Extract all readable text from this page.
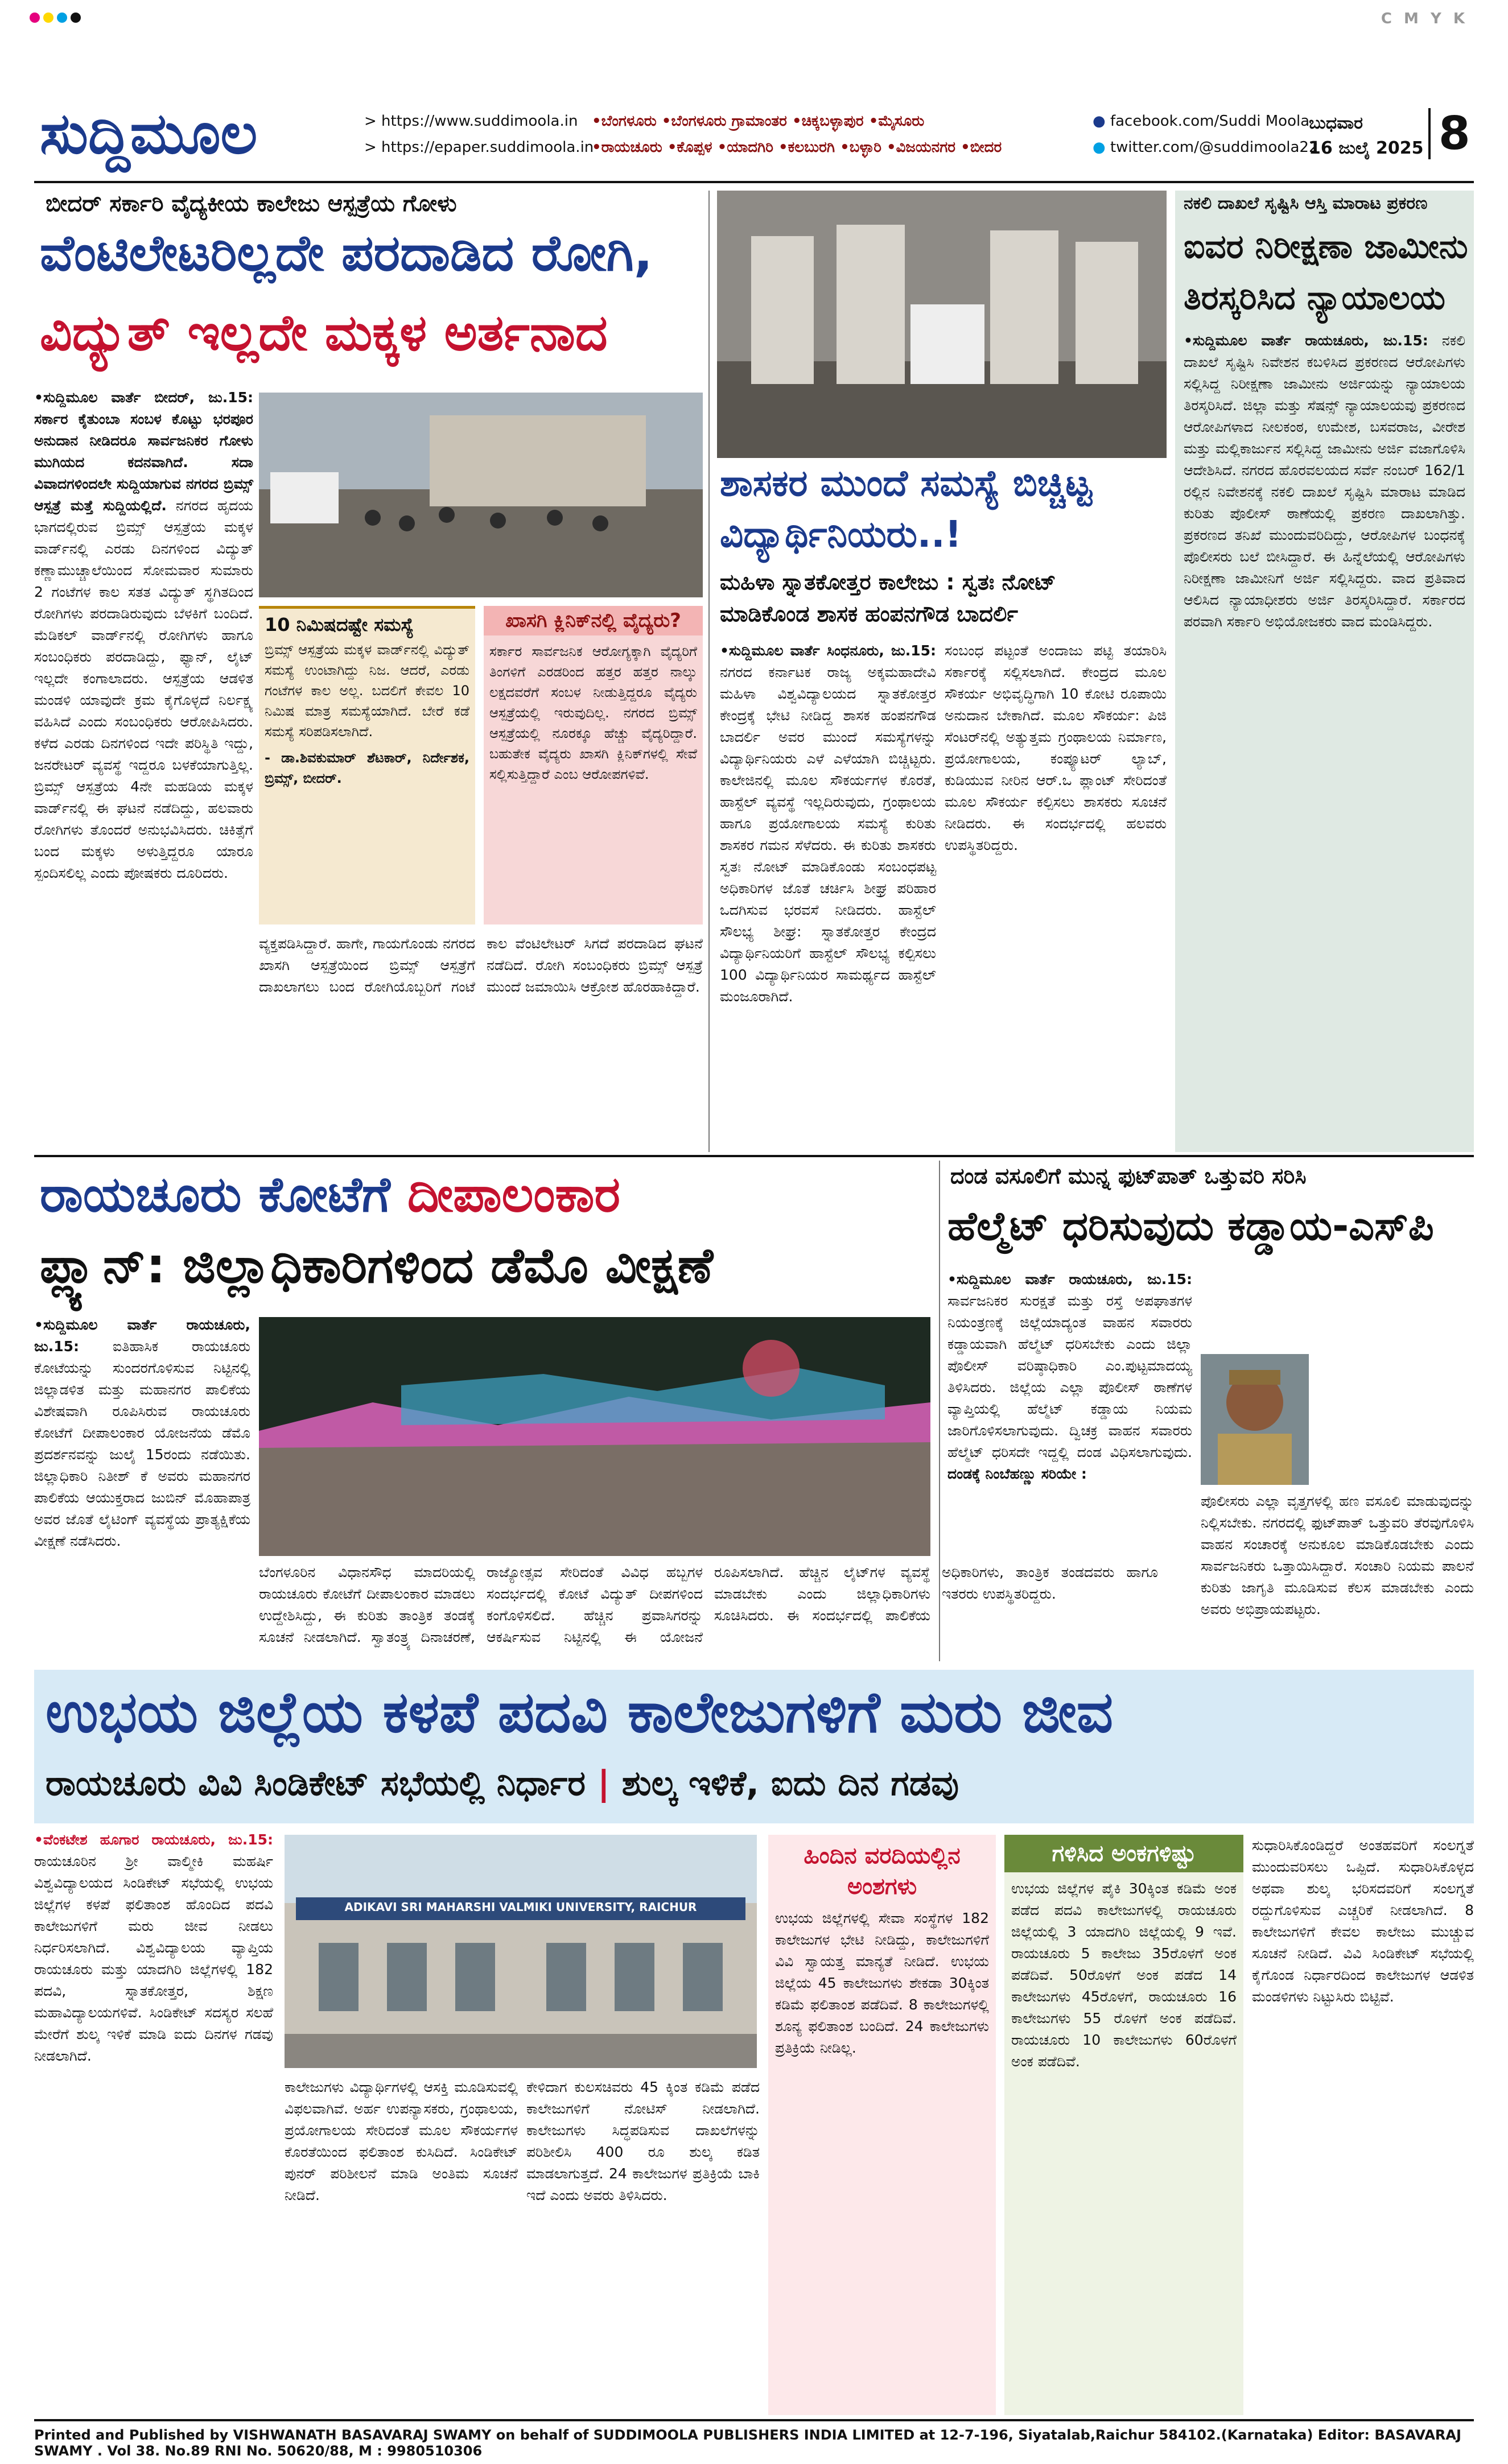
C M Y K
ಸುದ್ದಿಮೂಲ	> https://www.suddimoola.in
> https://epaper.suddimoola.in
•ಬೆಂಗಳೂರು •ಬೆಂಗಳೂರು ಗ್ರಾಮಾಂತರ •ಚಿಕ್ಕಬಳ್ಳಾಪುರ •ಮೈಸೂರು
•ರಾಯಚೂರು •ಕೊಪ್ಪಳ •ಯಾದಗಿರಿ •ಕಲಬುರಗಿ •ಬಳ್ಳಾರಿ •ವಿಜಯನಗರ •ಬೀದರ
● facebook.com/Suddi Moola
● twitter.com/@suddimoola22
ಬುಧವಾರ
16 ಜುಲೈ 2025 8
ಬೀದರ್ ಸರ್ಕಾರಿ ವೈದ್ಯಕೀಯ ಕಾಲೇಜು ಆಸ್ಪತ್ರೆಯ ಗೋಳು
ವೆಂಟಿಲೇಟರಿಲ್ಲದೇ ಪರದಾಡಿದ ರೋಗಿ,
ವಿದ್ಯುತ್ ಇಲ್ಲದೇ ಮಕ್ಕಳ ಅರ್ತನಾದ
•ಸುದ್ದಿಮೂಲ ವಾರ್ತೆ ಬೀದರ್, ಜು.15: ಸರ್ಕಾರ ಕೈತುಂಬಾ ಸಂಬಳ ಕೊಟ್ಟು ಭರಪೂರ ಅನುದಾನ ನೀಡಿದರೂ ಸಾರ್ವಜನಿಕರ ಗೋಳು ಮುಗಿಯದ ಕದನವಾಗಿದೆ. ಸದಾ ವಿವಾದಗಳಿಂದಲೇ ಸುದ್ದಿಯಾಗುವ ನಗರದ ಬ್ರಿಮ್ಸ್ ಆಸ್ಪತ್ರೆ ಮತ್ತೆ ಸುದ್ದಿಯಲ್ಲಿದೆ. ನಗರದ ಹೃದಯ ಭಾಗದಲ್ಲಿರುವ ಬ್ರಿಮ್ಸ್ ಆಸ್ಪತ್ರೆಯ ಮಕ್ಕಳ ವಾರ್ಡ್‌ನಲ್ಲಿ ಎರಡು ದಿನಗಳಿಂದ ವಿದ್ಯುತ್ ಕಣ್ಣಾಮುಚ್ಚಾಲೆಯಿಂದ ಸೋಮವಾರ ಸುಮಾರು 2 ಗಂಟೆಗಳ ಕಾಲ ಸತತ ವಿದ್ಯುತ್ ಸ್ಥಗಿತದಿಂದ ರೋಗಿಗಳು ಪರದಾಡಿರುವುದು ಬೆಳಕಿಗೆ ಬಂದಿದೆ. ಮೆಡಿಕಲ್ ವಾರ್ಡ್‌ನಲ್ಲಿ ರೋಗಿಗಳು ಹಾಗೂ ಸಂಬಂಧಿಕರು ಪರದಾಡಿದ್ದು, ಫ್ಯಾನ್, ಲೈಟ್ ಇಲ್ಲದೇ ಕಂಗಾಲಾದರು. ಆಸ್ಪತ್ರೆಯ ಆಡಳಿತ ಮಂಡಳಿ ಯಾವುದೇ ಕ್ರಮ ಕೈಗೊಳ್ಳದೆ ನಿರ್ಲಕ್ಷ್ಯ ವಹಿಸಿದೆ ಎಂದು ಸಂಬಂಧಿಕರು ಆರೋಪಿಸಿದರು. ಕಳೆದ ಎರಡು ದಿನಗಳಿಂದ ಇದೇ ಪರಿಸ್ಥಿತಿ ಇದ್ದು, ಜನರೇಟರ್ ವ್ಯವಸ್ಥೆ ಇದ್ದರೂ ಬಳಕೆಯಾಗುತ್ತಿಲ್ಲ. ಬ್ರಿಮ್ಸ್ ಆಸ್ಪತ್ರೆಯ 4ನೇ ಮಹಡಿಯ ಮಕ್ಕಳ ವಾರ್ಡ್‌ನಲ್ಲಿ ಈ ಘಟನೆ ನಡೆದಿದ್ದು, ಹಲವಾರು ರೋಗಿಗಳು ತೊಂದರೆ ಅನುಭವಿಸಿದರು. ಚಿಕಿತ್ಸೆಗೆ ಬಂದ ಮಕ್ಕಳು ಅಳುತ್ತಿದ್ದರೂ ಯಾರೂ ಸ್ಪಂದಿಸಲಿಲ್ಲ ಎಂದು ಪೋಷಕರು ದೂರಿದರು.
10 ನಿಮಿಷದಷ್ಟೇ ಸಮಸ್ಯೆ
ಬ್ರಿಮ್ಸ್ ಆಸ್ಪತ್ರೆಯ ಮಕ್ಕಳ ವಾರ್ಡ್‌ನಲ್ಲಿ ವಿದ್ಯುತ್ ಸಮಸ್ಯೆ ಉಂಟಾಗಿದ್ದು ನಿಜ. ಆದರೆ, ಎರಡು ಗಂಟೆಗಳ ಕಾಲ ಅಲ್ಲ. ಬದಲಿಗೆ ಕೇವಲ 10 ನಿಮಿಷ ಮಾತ್ರ ಸಮಸ್ಯೆಯಾಗಿದೆ. ಬೇರೆ ಕಡೆ ಸಮಸ್ಯೆ ಸರಿಪಡಿಸಲಾಗಿದೆ.
- ಡಾ.ಶಿವಕುಮಾರ್ ಶೆಟಕಾರ್, ನಿರ್ದೇಶಕ, ಬ್ರಿಮ್ಸ್, ಬೀದರ್.
ಖಾಸಗಿ ಕ್ಲಿನಿಕ್‌ನಲ್ಲಿ ವೈದ್ಯರು?
ಸರ್ಕಾರ ಸಾರ್ವಜನಿಕ ಆರೋಗ್ಯಕ್ಕಾಗಿ ವೈದ್ಯರಿಗೆ ತಿಂಗಳಿಗೆ ಎರಡರಿಂದ ಹತ್ತರ ಹತ್ತರ ನಾಲ್ಕು ಲಕ್ಷದವರೆಗೆ ಸಂಬಳ ನೀಡುತ್ತಿದ್ದರೂ ವೈದ್ಯರು ಆಸ್ಪತ್ರೆಯಲ್ಲಿ ಇರುವುದಿಲ್ಲ. ನಗರದ ಬ್ರಿಮ್ಸ್ ಆಸ್ಪತ್ರೆಯಲ್ಲಿ ನೂರಕ್ಕೂ ಹೆಚ್ಚು ವೈದ್ಯರಿದ್ದಾರೆ. ಬಹುತೇಕ ವೈದ್ಯರು ಖಾಸಗಿ ಕ್ಲಿನಿಕ್‌ಗಳಲ್ಲಿ ಸೇವೆ ಸಲ್ಲಿಸುತ್ತಿದ್ದಾರೆ ಎಂಬ ಆರೋಪಗಳಿವೆ.
ವ್ಯಕ್ತಪಡಿಸಿದ್ದಾರೆ. ಹಾಗೇ, ಗಾಯಗೊಂಡು ನಗರದ ಖಾಸಗಿ ಆಸ್ಪತ್ರೆಯಿಂದ ಬ್ರಿಮ್ಸ್ ಆಸ್ಪತ್ರೆಗೆ ದಾಖಲಾಗಲು ಬಂದ ರೋಗಿಯೊಬ್ಬರಿಗೆ ಗಂಟೆ ಕಾಲ ವೆಂಟಿಲೇಟರ್ ಸಿಗದೆ ಪರದಾಡಿದ ಘಟನೆ ನಡೆದಿದೆ. ರೋಗಿ ಸಂಬಂಧಿಕರು ಬ್ರಿಮ್ಸ್ ಆಸ್ಪತ್ರೆ ಮುಂದೆ ಜಮಾಯಿಸಿ ಆಕ್ರೋಶ ಹೊರಹಾಕಿದ್ದಾರೆ.
ಶಾಸಕರ ಮುಂದೆ ಸಮಸ್ಯೆ ಬಿಚ್ಚಿಟ್ಟ
ವಿದ್ಯಾರ್ಥಿನಿಯರು..!
ಮಹಿಳಾ ಸ್ನಾತಕೋತ್ತರ ಕಾಲೇಜು : ಸ್ವತಃ ನೋಟ್
ಮಾಡಿಕೊಂಡ ಶಾಸಕ ಹಂಪನಗೌಡ ಬಾದರ್ಲಿ
•ಸುದ್ದಿಮೂಲ ವಾರ್ತೆ ಸಿಂಧನೂರು, ಜು.15: ನಗರದ ಕರ್ನಾಟಕ ರಾಜ್ಯ ಅಕ್ಕಮಹಾದೇವಿ ಮಹಿಳಾ ವಿಶ್ವವಿದ್ಯಾಲಯದ ಸ್ನಾತಕೋತ್ತರ ಕೇಂದ್ರಕ್ಕೆ ಭೇಟಿ ನೀಡಿದ್ದ ಶಾಸಕ ಹಂಪನಗೌಡ ಬಾದರ್ಲಿ ಅವರ ಮುಂದೆ ಸಮಸ್ಯೆಗಳನ್ನು ವಿದ್ಯಾರ್ಥಿನಿಯರು ಎಳೆ ಎಳೆಯಾಗಿ ಬಿಚ್ಚಿಟ್ಟರು. ಕಾಲೇಜಿನಲ್ಲಿ ಮೂಲ ಸೌಕರ್ಯಗಳ ಕೊರತೆ, ಹಾಸ್ಟೆಲ್ ವ್ಯವಸ್ಥೆ ಇಲ್ಲದಿರುವುದು, ಗ್ರಂಥಾಲಯ ಹಾಗೂ ಪ್ರಯೋಗಾಲಯ ಸಮಸ್ಯೆ ಕುರಿತು ಶಾಸಕರ ಗಮನ ಸೆಳೆದರು. ಈ ಕುರಿತು ಶಾಸಕರು ಸ್ವತಃ ನೋಟ್ ಮಾಡಿಕೊಂಡು ಸಂಬಂಧಪಟ್ಟ ಅಧಿಕಾರಿಗಳ ಜೊತೆ ಚರ್ಚಿಸಿ ಶೀಘ್ರ ಪರಿಹಾರ ಒದಗಿಸುವ ಭರವಸೆ ನೀಡಿದರು. ಹಾಸ್ಟೆಲ್ ಸೌಲಭ್ಯ ಶೀಘ್ರ: ಸ್ನಾತಕೋತ್ತರ ಕೇಂದ್ರದ ವಿದ್ಯಾರ್ಥಿನಿಯರಿಗೆ ಹಾಸ್ಟೆಲ್ ಸೌಲಭ್ಯ ಕಲ್ಪಿಸಲು 100 ವಿದ್ಯಾರ್ಥಿನಿಯರ ಸಾಮರ್ಥ್ಯದ ಹಾಸ್ಟೆಲ್ ಮಂಜೂರಾಗಿದೆ.
ಸಂಬಂಧ ಪಟ್ಟಂತೆ ಅಂದಾಜು ಪಟ್ಟಿ ತಯಾರಿಸಿ ಸರ್ಕಾರಕ್ಕೆ ಸಲ್ಲಿಸಲಾಗಿದೆ. ಕೇಂದ್ರದ ಮೂಲ ಸೌಕರ್ಯ ಅಭಿವೃದ್ಧಿಗಾಗಿ 10 ಕೋಟಿ ರೂಪಾಯಿ ಅನುದಾನ ಬೇಕಾಗಿದೆ. ಮೂಲ ಸೌಕರ್ಯ: ಪಿಜಿ ಸೆಂಟರ್‌ನಲ್ಲಿ ಅತ್ಯುತ್ತಮ ಗ್ರಂಥಾಲಯ ನಿರ್ಮಾಣ, ಪ್ರಯೋಗಾಲಯ, ಕಂಪ್ಯೂಟರ್ ಲ್ಯಾಬ್, ಕುಡಿಯುವ ನೀರಿನ ಆರ್.ಒ ಪ್ಲಾಂಟ್ ಸೇರಿದಂತೆ ಮೂಲ ಸೌಕರ್ಯ ಕಲ್ಪಿಸಲು ಶಾಸಕರು ಸೂಚನೆ ನೀಡಿದರು. ಈ ಸಂದರ್ಭದಲ್ಲಿ ಹಲವರು ಉಪಸ್ಥಿತರಿದ್ದರು.
ನಕಲಿ ದಾಖಲೆ ಸೃಷ್ಟಿಸಿ ಆಸ್ತಿ ಮಾರಾಟ ಪ್ರಕರಣ
ಐವರ ನಿರೀಕ್ಷಣಾ ಜಾಮೀನು
ತಿರಸ್ಕರಿಸಿದ ನ್ಯಾಯಾಲಯ
•ಸುದ್ದಿಮೂಲ ವಾರ್ತೆ ರಾಯಚೂರು, ಜು.15: ನಕಲಿ ದಾಖಲೆ ಸೃಷ್ಟಿಸಿ ನಿವೇಶನ ಕಬಳಿಸಿದ ಪ್ರಕರಣದ ಆರೋಪಿಗಳು ಸಲ್ಲಿಸಿದ್ದ ನಿರೀಕ್ಷಣಾ ಜಾಮೀನು ಅರ್ಜಿಯನ್ನು ನ್ಯಾಯಾಲಯ ತಿರಸ್ಕರಿಸಿದೆ. ಜಿಲ್ಲಾ ಮತ್ತು ಸೆಷನ್ಸ್ ನ್ಯಾಯಾಲಯವು ಪ್ರಕರಣದ ಆರೋಪಿಗಳಾದ ನೀಲಕಂಠ, ಉಮೇಶ, ಬಸವರಾಜ, ವೀರೇಶ ಮತ್ತು ಮಲ್ಲಿಕಾರ್ಜುನ ಸಲ್ಲಿಸಿದ್ದ ಜಾಮೀನು ಅರ್ಜಿ ವಜಾಗೊಳಿಸಿ ಆದೇಶಿಸಿದೆ. ನಗರದ ಹೊರವಲಯದ ಸರ್ವೆ ನಂಬರ್ 162/1 ರಲ್ಲಿನ ನಿವೇಶನಕ್ಕೆ ನಕಲಿ ದಾಖಲೆ ಸೃಷ್ಟಿಸಿ ಮಾರಾಟ ಮಾಡಿದ ಕುರಿತು ಪೊಲೀಸ್ ಠಾಣೆಯಲ್ಲಿ ಪ್ರಕರಣ ದಾಖಲಾಗಿತ್ತು. ಪ್ರಕರಣದ ತನಿಖೆ ಮುಂದುವರಿದಿದ್ದು, ಆರೋಪಿಗಳ ಬಂಧನಕ್ಕೆ ಪೊಲೀಸರು ಬಲೆ ಬೀಸಿದ್ದಾರೆ. ಈ ಹಿನ್ನೆಲೆಯಲ್ಲಿ ಆರೋಪಿಗಳು ನಿರೀಕ್ಷಣಾ ಜಾಮೀನಿಗೆ ಅರ್ಜಿ ಸಲ್ಲಿಸಿದ್ದರು. ವಾದ ಪ್ರತಿವಾದ ಆಲಿಸಿದ ನ್ಯಾಯಾಧೀಶರು ಅರ್ಜಿ ತಿರಸ್ಕರಿಸಿದ್ದಾರೆ. ಸರ್ಕಾರದ ಪರವಾಗಿ ಸರ್ಕಾರಿ ಅಭಿಯೋಜಕರು ವಾದ ಮಂಡಿಸಿದ್ದರು.
ರಾಯಚೂರು ಕೋಟೆಗೆ ದೀಪಾಲಂಕಾರ
ಪ್ಲ್ಯಾನ್: ಜಿಲ್ಲಾಧಿಕಾರಿಗಳಿಂದ ಡೆಮೊ ವೀಕ್ಷಣೆ
•ಸುದ್ದಿಮೂಲ ವಾರ್ತೆ ರಾಯಚೂರು, ಜು.15: ಐತಿಹಾಸಿಕ ರಾಯಚೂರು ಕೋಟೆಯನ್ನು ಸುಂದರಗೊಳಿಸುವ ನಿಟ್ಟಿನಲ್ಲಿ ಜಿಲ್ಲಾಡಳಿತ ಮತ್ತು ಮಹಾನಗರ ಪಾಲಿಕೆಯ ವಿಶೇಷವಾಗಿ ರೂಪಿಸಿರುವ ರಾಯಚೂರು ಕೋಟೆಗೆ ದೀಪಾಲಂಕಾರ ಯೋಜನೆಯ ಡೆಮೊ ಪ್ರದರ್ಶನವನ್ನು ಜುಲೈ 15ರಂದು ನಡೆಯಿತು. ಜಿಲ್ಲಾಧಿಕಾರಿ ನಿತೀಶ್ ಕೆ ಅವರು ಮಹಾನಗರ ಪಾಲಿಕೆಯ ಆಯುಕ್ತರಾದ ಜುಬಿನ್ ಮೊಹಾಪಾತ್ರ ಅವರ ಜೊತೆ ಲೈಟಿಂಗ್ ವ್ಯವಸ್ಥೆಯ ಪ್ರಾತ್ಯಕ್ಷಿಕೆಯ ವೀಕ್ಷಣೆ ನಡೆಸಿದರು.
ಬೆಂಗಳೂರಿನ ವಿಧಾನಸೌಧ ಮಾದರಿಯಲ್ಲಿ ರಾಯಚೂರು ಕೋಟೆಗೆ ದೀಪಾಲಂಕಾರ ಮಾಡಲು ಉದ್ದೇಶಿಸಿದ್ದು, ಈ ಕುರಿತು ತಾಂತ್ರಿಕ ತಂಡಕ್ಕೆ ಸೂಚನೆ ನೀಡಲಾಗಿದೆ. ಸ್ವಾತಂತ್ರ್ಯ ದಿನಾಚರಣೆ, ರಾಜ್ಯೋತ್ಸವ ಸೇರಿದಂತೆ ವಿವಿಧ ಹಬ್ಬಗಳ ಸಂದರ್ಭದಲ್ಲಿ ಕೋಟೆ ವಿದ್ಯುತ್ ದೀಪಗಳಿಂದ ಕಂಗೊಳಿಸಲಿದೆ. ಹೆಚ್ಚಿನ ಪ್ರವಾಸಿಗರನ್ನು ಆಕರ್ಷಿಸುವ ನಿಟ್ಟಿನಲ್ಲಿ ಈ ಯೋಜನೆ ರೂಪಿಸಲಾಗಿದೆ. ಹೆಚ್ಚಿನ ಲೈಟ್‌ಗಳ ವ್ಯವಸ್ಥೆ ಮಾಡಬೇಕು ಎಂದು ಜಿಲ್ಲಾಧಿಕಾರಿಗಳು ಸೂಚಿಸಿದರು. ಈ ಸಂದರ್ಭದಲ್ಲಿ ಪಾಲಿಕೆಯ ಅಧಿಕಾರಿಗಳು, ತಾಂತ್ರಿಕ ತಂಡದವರು ಹಾಗೂ ಇತರರು ಉಪಸ್ಥಿತರಿದ್ದರು.
ದಂಡ ವಸೂಲಿಗೆ ಮುನ್ನ ಫುಟ್‌ಪಾತ್ ಒತ್ತುವರಿ ಸರಿಸಿ
ಹೆಲ್ಮೆಟ್ ಧರಿಸುವುದು ಕಡ್ಡಾಯ-ಎಸ್‌ಪಿ
•ಸುದ್ದಿಮೂಲ ವಾರ್ತೆ ರಾಯಚೂರು, ಜು.15: ಸಾರ್ವಜನಿಕರ ಸುರಕ್ಷತೆ ಮತ್ತು ರಸ್ತೆ ಅಪಘಾತಗಳ ನಿಯಂತ್ರಣಕ್ಕೆ ಜಿಲ್ಲೆಯಾದ್ಯಂತ ವಾಹನ ಸವಾರರು ಕಡ್ಡಾಯವಾಗಿ ಹೆಲ್ಮೆಟ್ ಧರಿಸಬೇಕು ಎಂದು ಜಿಲ್ಲಾ ಪೊಲೀಸ್ ವರಿಷ್ಠಾಧಿಕಾರಿ ಎಂ.ಪುಟ್ಟಮಾದಯ್ಯ ತಿಳಿಸಿದರು. ಜಿಲ್ಲೆಯ ಎಲ್ಲಾ ಪೊಲೀಸ್ ಠಾಣೆಗಳ ವ್ಯಾಪ್ತಿಯಲ್ಲಿ ಹೆಲ್ಮೆಟ್ ಕಡ್ಡಾಯ ನಿಯಮ ಜಾರಿಗೊಳಿಸಲಾಗುವುದು. ದ್ವಿಚಕ್ರ ವಾಹನ ಸವಾರರು ಹೆಲ್ಮೆಟ್ ಧರಿಸದೇ ಇದ್ದಲ್ಲಿ ದಂಡ ವಿಧಿಸಲಾಗುವುದು. ದಂಡಕ್ಕೆ ನಿಂಬೆಹಣ್ಣು ಸರಿಯೇ :
ಪೊಲೀಸರು ಎಲ್ಲಾ ವೃತ್ತಗಳಲ್ಲಿ ಹಣ ವಸೂಲಿ ಮಾಡುವುದನ್ನು ನಿಲ್ಲಿಸಬೇಕು. ನಗರದಲ್ಲಿ ಫುಟ್‌ಪಾತ್ ಒತ್ತುವರಿ ತೆರವುಗೊಳಿಸಿ ವಾಹನ ಸಂಚಾರಕ್ಕೆ ಅನುಕೂಲ ಮಾಡಿಕೊಡಬೇಕು ಎಂದು ಸಾರ್ವಜನಿಕರು ಒತ್ತಾಯಿಸಿದ್ದಾರೆ. ಸಂಚಾರಿ ನಿಯಮ ಪಾಲನೆ ಕುರಿತು ಜಾಗೃತಿ ಮೂಡಿಸುವ ಕೆಲಸ ಮಾಡಬೇಕು ಎಂದು ಅವರು ಅಭಿಪ್ರಾಯಪಟ್ಟರು.
ಉಭಯ ಜಿಲ್ಲೆಯ ಕಳಪೆ ಪದವಿ ಕಾಲೇಜುಗಳಿಗೆ ಮರು ಜೀವ
ರಾಯಚೂರು ವಿವಿ ಸಿಂಡಿಕೇಟ್ ಸಭೆಯಲ್ಲಿ ನಿರ್ಧಾರ | ಶುಲ್ಕ ಇಳಿಕೆ, ಐದು ದಿನ ಗಡವು
•ವೆಂಕಟೇಶ ಹೂಗಾರ ರಾಯಚೂರು, ಜು.15: ರಾಯಚೂರಿನ ಶ್ರೀ ವಾಲ್ಮೀಕಿ ಮಹರ್ಷಿ ವಿಶ್ವವಿದ್ಯಾಲಯದ ಸಿಂಡಿಕೇಟ್ ಸಭೆಯಲ್ಲಿ ಉಭಯ ಜಿಲ್ಲೆಗಳ ಕಳಪೆ ಫಲಿತಾಂಶ ಹೊಂದಿದ ಪದವಿ ಕಾಲೇಜುಗಳಿಗೆ ಮರು ಜೀವ ನೀಡಲು ನಿರ್ಧರಿಸಲಾಗಿದೆ. ವಿಶ್ವವಿದ್ಯಾಲಯ ವ್ಯಾಪ್ತಿಯ ರಾಯಚೂರು ಮತ್ತು ಯಾದಗಿರಿ ಜಿಲ್ಲೆಗಳಲ್ಲಿ 182 ಪದವಿ, ಸ್ನಾತಕೋತ್ತರ, ಶಿಕ್ಷಣ ಮಹಾವಿದ್ಯಾಲಯಗಳಿವೆ. ಸಿಂಡಿಕೇಟ್ ಸದಸ್ಯರ ಸಲಹೆ ಮೇರೆಗೆ ಶುಲ್ಕ ಇಳಿಕೆ ಮಾಡಿ ಐದು ದಿನಗಳ ಗಡವು ನೀಡಲಾಗಿದೆ.
ADIKAVI SRI MAHARSHI VALMIKI UNIVERSITY, RAICHUR
ಕಾಲೇಜುಗಳು ವಿದ್ಯಾರ್ಥಿಗಳಲ್ಲಿ ಆಸಕ್ತಿ ಮೂಡಿಸುವಲ್ಲಿ ವಿಫಲವಾಗಿವೆ. ಅರ್ಹ ಉಪನ್ಯಾಸಕರು, ಗ್ರಂಥಾಲಯ, ಪ್ರಯೋಗಾಲಯ ಸೇರಿದಂತೆ ಮೂಲ ಸೌಕರ್ಯಗಳ ಕೊರತೆಯಿಂದ ಫಲಿತಾಂಶ ಕುಸಿದಿದೆ. ಸಿಂಡಿಕೇಟ್ ಪುನರ್ ಪರಿಶೀಲನೆ ಮಾಡಿ ಅಂತಿಮ ಸೂಚನೆ ನೀಡಿದೆ.
ಕೇಳಿದಾಗ ಕುಲಸಚಿವರು 45 ಕ್ಕಿಂತ ಕಡಿಮೆ ಪಡೆದ ಕಾಲೇಜುಗಳಿಗೆ ನೋಟಿಸ್ ನೀಡಲಾಗಿದೆ. ಕಾಲೇಜುಗಳು ಸಿದ್ಧಪಡಿಸುವ ದಾಖಲೆಗಳನ್ನು ಪರಿಶೀಲಿಸಿ 400 ರೂ ಶುಲ್ಕ ಕಡಿತ ಮಾಡಲಾಗುತ್ತದೆ. 24 ಕಾಲೇಜುಗಳ ಪ್ರತಿಕ್ರಿಯೆ ಬಾಕಿ ಇದೆ ಎಂದು ಅವರು ತಿಳಿಸಿದರು.
ಹಿಂದಿನ ವರದಿಯಲ್ಲಿನ ಅಂಶಗಳು
ಉಭಯ ಜಿಲ್ಲೆಗಳಲ್ಲಿ ಸೇವಾ ಸಂಸ್ಥೆಗಳ 182 ಕಾಲೇಜುಗಳ ಭೇಟಿ ನೀಡಿದ್ದು, ಕಾಲೇಜುಗಳಿಗೆ ವಿವಿ ಸ್ವಾಯತ್ತ ಮಾನ್ಯತೆ ನೀಡಿದೆ. ಉಭಯ ಜಿಲ್ಲೆಯ 45 ಕಾಲೇಜುಗಳು ಶೇಕಡಾ 30ಕ್ಕಿಂತ ಕಡಿಮೆ ಫಲಿತಾಂಶ ಪಡೆದಿವೆ. 8 ಕಾಲೇಜುಗಳಲ್ಲಿ ಶೂನ್ಯ ಫಲಿತಾಂಶ ಬಂದಿದೆ. 24 ಕಾಲೇಜುಗಳು ಪ್ರತಿಕ್ರಿಯೆ ನೀಡಿಲ್ಲ.
ಗಳಿಸಿದ ಅಂಕಗಳಿಷ್ಟು
ಉಭಯ ಜಿಲ್ಲೆಗಳ ಪೈಕಿ 30ಕ್ಕಿಂತ ಕಡಿಮೆ ಅಂಕ ಪಡೆದ ಪದವಿ ಕಾಲೇಜುಗಳಲ್ಲಿ ರಾಯಚೂರು ಜಿಲ್ಲೆಯಲ್ಲಿ 3 ಯಾದಗಿರಿ ಜಿಲ್ಲೆಯಲ್ಲಿ 9 ಇವೆ. ರಾಯಚೂರು 5 ಕಾಲೇಜು 35ರೊಳಗೆ ಅಂಕ ಪಡೆದಿವೆ. 50ರೊಳಗೆ ಅಂಕ ಪಡೆದ 14 ಕಾಲೇಜುಗಳು 45ರೊಳಗೆ, ರಾಯಚೂರು 16 ಕಾಲೇಜುಗಳು 55 ರೊಳಗೆ ಅಂಕ ಪಡೆದಿವೆ. ರಾಯಚೂರು 10 ಕಾಲೇಜುಗಳು 60ರೊಳಗೆ ಅಂಕ ಪಡೆದಿವೆ.
ಸುಧಾರಿಸಿಕೊಂಡಿದ್ದರೆ ಅಂತಹವರಿಗೆ ಸಂಲಗ್ನತೆ ಮುಂದುವರಿಸಲು ಒಪ್ಪಿದೆ. ಸುಧಾರಿಸಿಕೊಳ್ಳದ ಅಥವಾ ಶುಲ್ಕ ಭರಿಸದವರಿಗೆ ಸಂಲಗ್ನತೆ ರದ್ದುಗೊಳಿಸುವ ಎಚ್ಚರಿಕೆ ನೀಡಲಾಗಿದೆ. 8 ಕಾಲೇಜುಗಳಿಗೆ ಕೇವಲ ಕಾಲೇಜು ಮುಚ್ಚುವ ಸೂಚನೆ ನೀಡಿದೆ. ವಿವಿ ಸಿಂಡಿಕೇಟ್ ಸಭೆಯಲ್ಲಿ ಕೈಗೊಂಡ ನಿರ್ಧಾರದಿಂದ ಕಾಲೇಜುಗಳ ಆಡಳಿತ ಮಂಡಳಿಗಳು ನಿಟ್ಟುಸಿರು ಬಿಟ್ಟಿವೆ.
Printed and Published by VISHWANATH BASAVARAJ SWAMY on behalf of SUDDIMOOLA PUBLISHERS INDIA LIMITED at 12-7-196, Siyatalab,Raichur 584102.(Karnataka) Editor: BASAVARAJ SWAMY . Vol 38. No.89 RNI No. 50620/88, M : 9980510306
